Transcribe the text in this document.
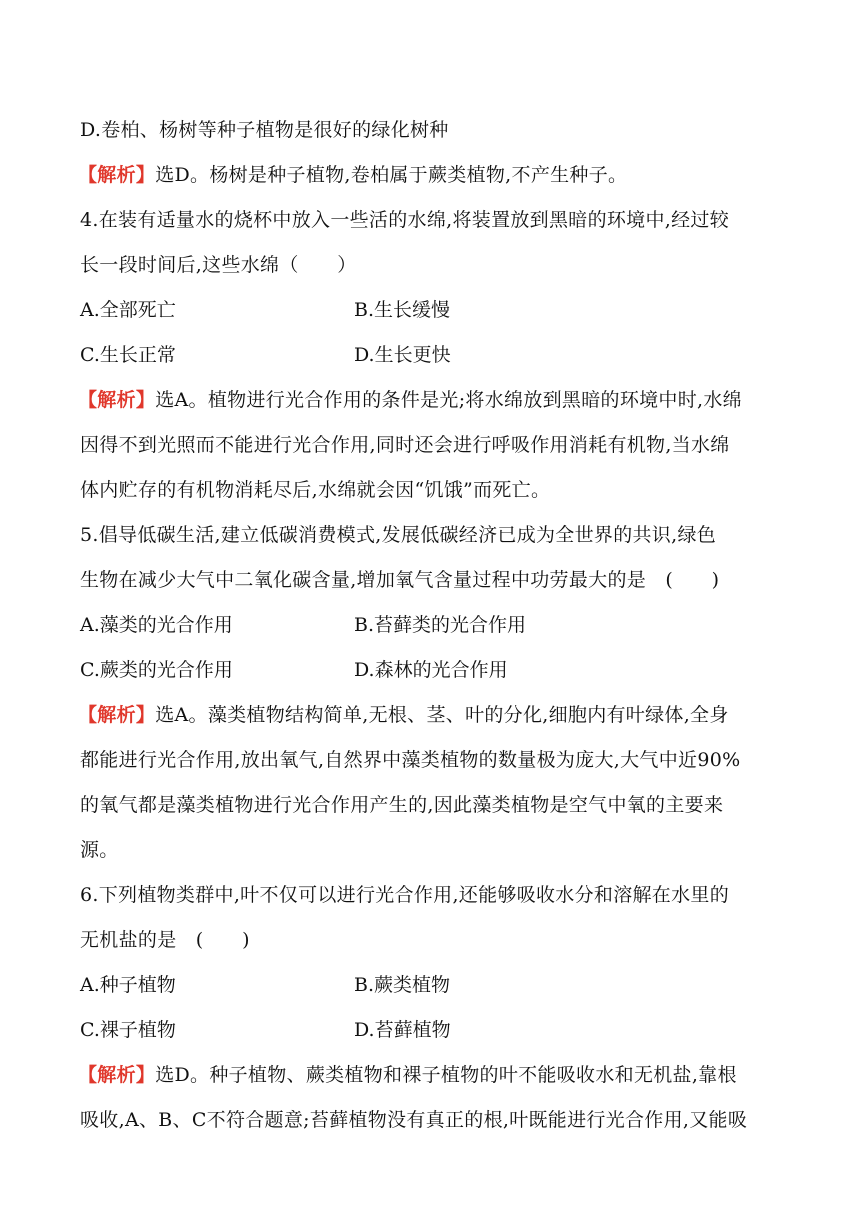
D.卷柏、杨树等种子植物是很好的绿化树种
【解析】选D。杨树是种子植物,卷柏属于蕨类植物,不产生种子。
4.在装有适量水的烧杯中放入一些活的水绵,将装置放到黑暗的环境中,经过较
长一段时间后,这些水绵（　　）
A.全部死亡	B.生长缓慢
C.生长正常	D.生长更快
【解析】选A。植物进行光合作用的条件是光;将水绵放到黑暗的环境中时,水绵
因得不到光照而不能进行光合作用,同时还会进行呼吸作用消耗有机物,当水绵
体内贮存的有机物消耗尽后,水绵就会因“饥饿”而死亡。
5.倡导低碳生活,建立低碳消费模式,发展低碳经济已成为全世界的共识,绿色
生物在减少大气中二氧化碳含量,增加氧气含量过程中功劳最大的是　(　　)
A.藻类的光合作用	B.苔藓类的光合作用
C.蕨类的光合作用	D.森林的光合作用
【解析】选A。藻类植物结构简单,无根、茎、叶的分化,细胞内有叶绿体,全身
都能进行光合作用,放出氧气,自然界中藻类植物的数量极为庞大,大气中近90%
的氧气都是藻类植物进行光合作用产生的,因此藻类植物是空气中氧的主要来
源。
6.下列植物类群中,叶不仅可以进行光合作用,还能够吸收水分和溶解在水里的
无机盐的是　(　　)
A.种子植物	B.蕨类植物
C.裸子植物	D.苔藓植物
【解析】选D。种子植物、蕨类植物和裸子植物的叶不能吸收水和无机盐,靠根
吸收,A、B、C不符合题意;苔藓植物没有真正的根,叶既能进行光合作用,又能吸
